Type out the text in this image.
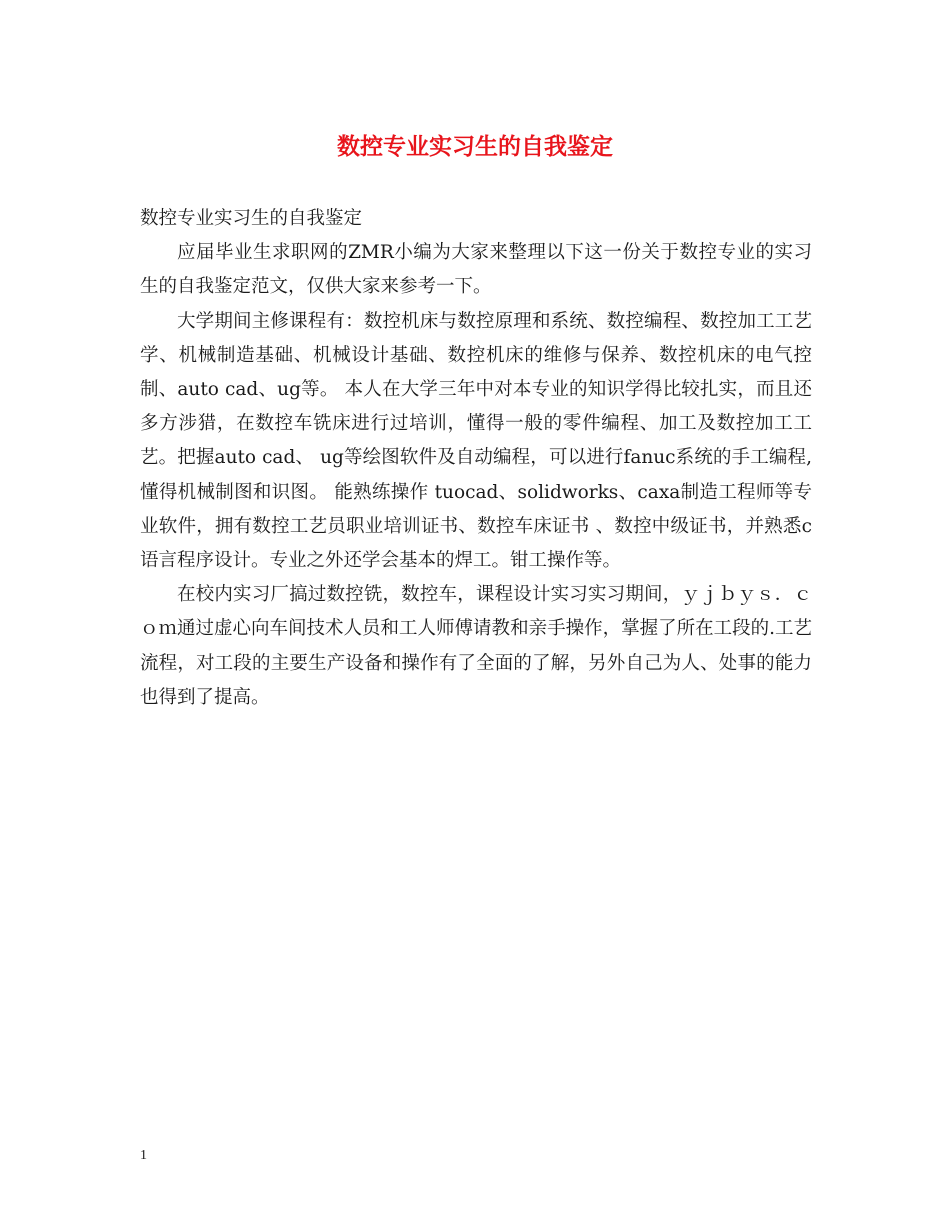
数控专业实习生的自我鉴定

数控专业实习生的自我鉴定

应届毕业生求职网的ZMR小编为大家来整理以下这一份关于数控专业的实习生的自我鉴定范文，仅供大家来参考一下。

大学期间主修课程有：数控机床与数控原理和系统、数控编程、数控加工工艺学、机械制造基础、机械设计基础、数控机床的维修与保养、数控机床的电气控制、auto cad、ug等。 本人在大学三年中对本专业的知识学得比较扎实，而且还多方涉猎，在数控车铣床进行过培训，懂得一般的零件编程、加工及数控加工工艺。把握auto cad、 ug等绘图软件及自动编程，可以进行fanuc系统的手工编程,懂得机械制图和识图。 能熟练操作 tuocad、solidworks、caxa制造工程师等专业软件，拥有数控工艺员职业培训证书、数控车床证书 、数控中级证书，并熟悉c语言程序设计。专业之外还学会基本的焊工。钳工操作等。

在校内实习厂搞过数控铣，数控车，课程设计实习实习期间，ｙｊｂｙｓ．ｃｏｍ通过虚心向车间技术人员和工人师傅请教和亲手操作，掌握了所在工段的.工艺流程，对工段的主要生产设备和操作有了全面的了解，另外自己为人、处事的能力也得到了提高。

1
